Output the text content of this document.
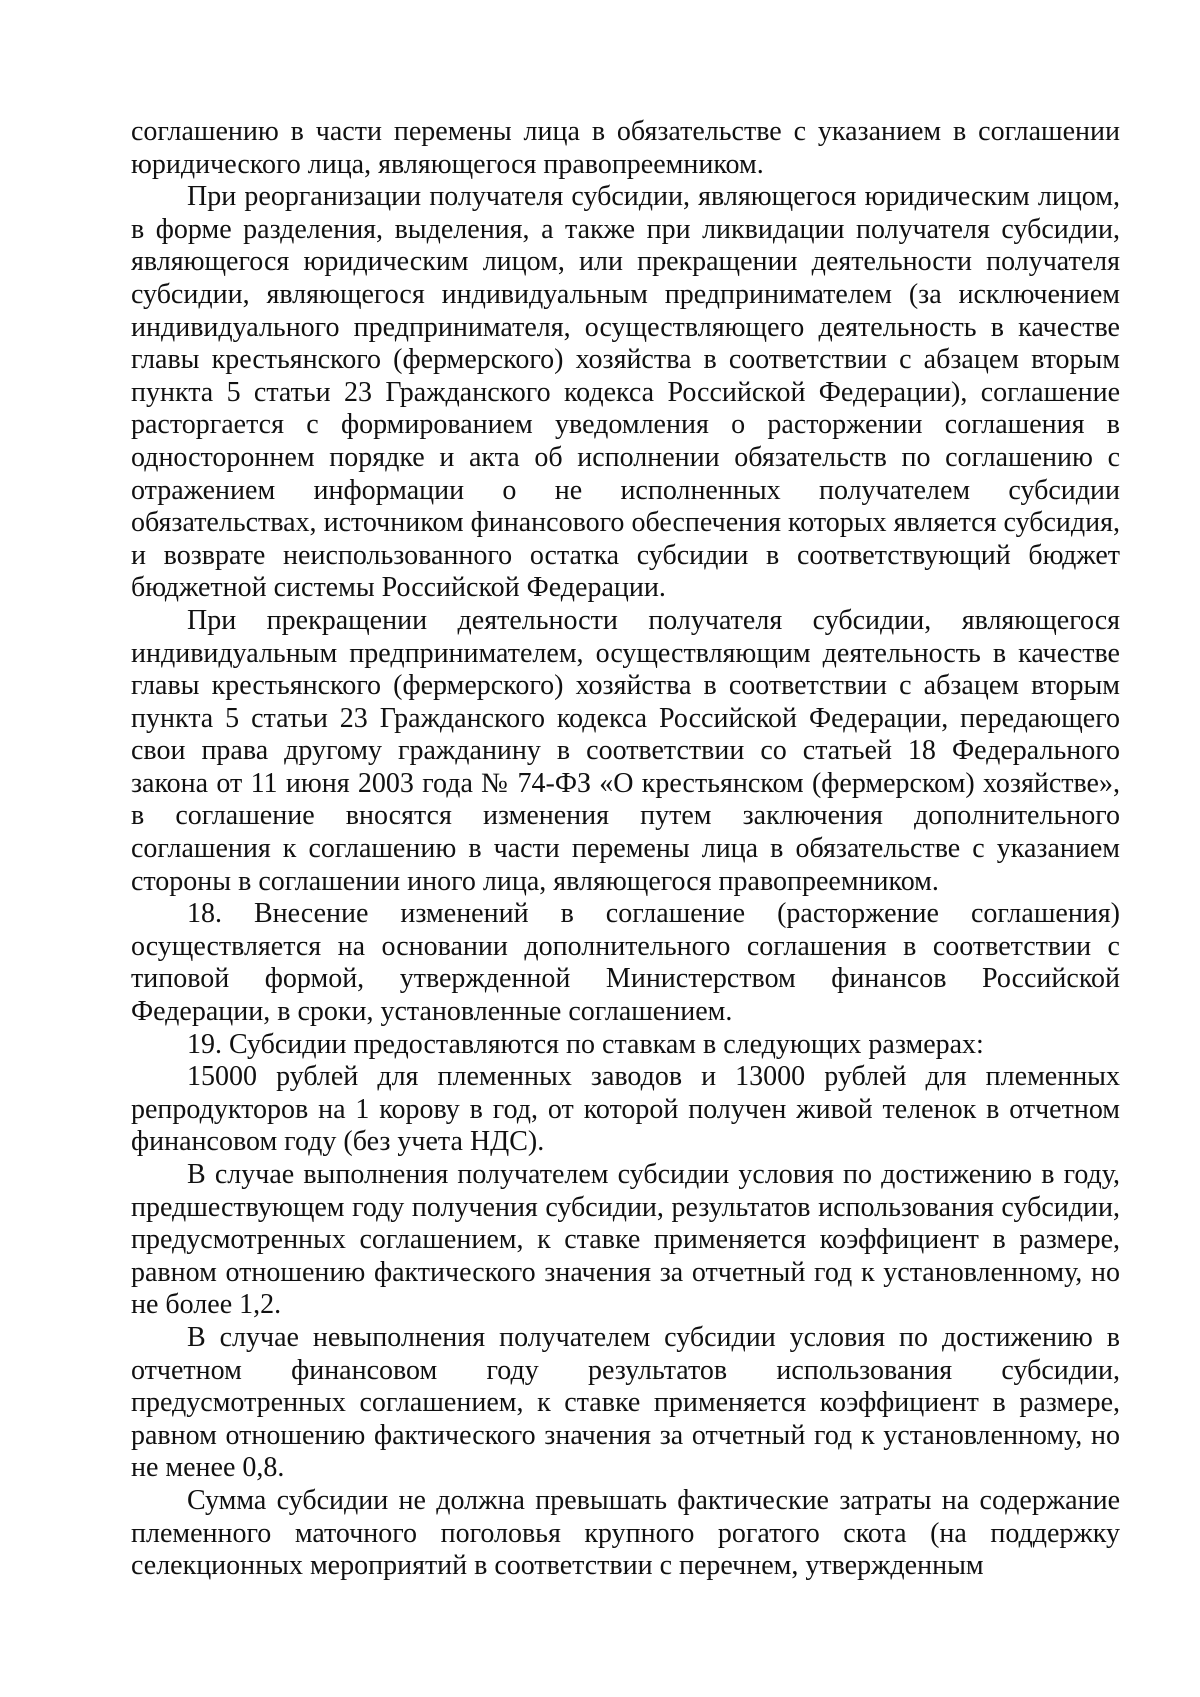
соглашению в части перемены лица в обязательстве с указанием в соглашении юридического лица, являющегося правопреемником.

При реорганизации получателя субсидии, являющегося юридическим лицом, в форме разделения, выделения, а также при ликвидации получателя субсидии, являющегося юридическим лицом, или прекращении деятельности получателя субсидии, являющегося индивидуальным предпринимателем (за исключением индивидуального предпринимателя, осуществляющего деятельность в качестве главы крестьянского (фермерского) хозяйства в соответствии с абзацем вторым пункта 5 статьи 23 Гражданского кодекса Российской Федерации), соглашение расторгается с формированием уведомления о расторжении соглашения в одностороннем порядке и акта об исполнении обязательств по соглашению с отражением информации о не исполненных получателем субсидии обязательствах, источником финансового обеспечения которых является субсидия, и возврате неиспользованного остатка субсидии в соответствующий бюджет бюджетной системы Российской Федерации.

При прекращении деятельности получателя субсидии, являющегося индивидуальным предпринимателем, осуществляющим деятельность в качестве главы крестьянского (фермерского) хозяйства в соответствии с абзацем вторым пункта 5 статьи 23 Гражданского кодекса Российской Федерации, передающего свои права другому гражданину в соответствии со статьей 18 Федерального закона от 11 июня 2003 года № 74-ФЗ «О крестьянском (фермерском) хозяйстве», в соглашение вносятся изменения путем заключения дополнительного соглашения к соглашению в части перемены лица в обязательстве с указанием стороны в соглашении иного лица, являющегося правопреемником.

18. Внесение изменений в соглашение (расторжение соглашения) осуществляется на основании дополнительного соглашения в соответствии с типовой формой, утвержденной Министерством финансов Российской Федерации, в сроки, установленные соглашением.

19. Субсидии предоставляются по ставкам в следующих размерах:

15000 рублей для племенных заводов и 13000 рублей для племенных репродукторов на 1 корову в год, от которой получен живой теленок в отчетном финансовом году (без учета НДС).

В случае выполнения получателем субсидии условия по достижению в году, предшествующем году получения субсидии, результатов использования субсидии, предусмотренных соглашением, к ставке применяется коэффициент в размере, равном отношению фактического значения за отчетный год к установленному, но не более 1,2.

В случае невыполнения получателем субсидии условия по достижению в отчетном финансовом году результатов использования субсидии, предусмотренных соглашением, к ставке применяется коэффициент в размере, равном отношению фактического значения за отчетный год к установленному, но не менее 0,8.

Сумма субсидии не должна превышать фактические затраты на содержание племенного маточного поголовья крупного рогатого скота (на поддержку селекционных мероприятий в соответствии с перечнем, утвержденным
